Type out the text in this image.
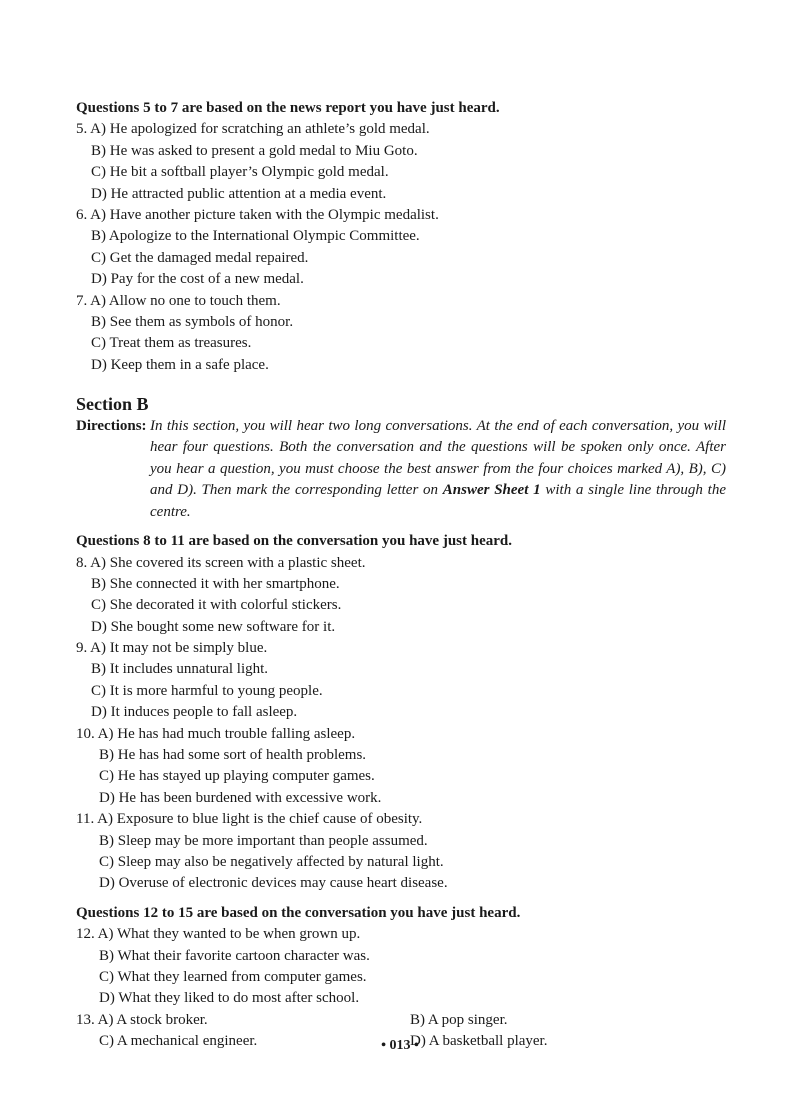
Questions 5 to 7 are based on the news report you have just heard.
5. A) He apologized for scratching an athlete’s gold medal.
B) He was asked to present a gold medal to Miu Goto.
C) He bit a softball player’s Olympic gold medal.
D) He attracted public attention at a media event.
6. A) Have another picture taken with the Olympic medalist.
B) Apologize to the International Olympic Committee.
C) Get the damaged medal repaired.
D) Pay for the cost of a new medal.
7. A) Allow no one to touch them.
B) See them as symbols of honor.
C) Treat them as treasures.
D) Keep them in a safe place.
Section B
Directions: In this section, you will hear two long conversations. At the end of each conversation, you will hear four questions. Both the conversation and the questions will be spoken only once. After you hear a question, you must choose the best answer from the four choices marked A), B), C) and D). Then mark the corresponding letter on Answer Sheet 1 with a single line through the centre.
Questions 8 to 11 are based on the conversation you have just heard.
8. A) She covered its screen with a plastic sheet.
B) She connected it with her smartphone.
C) She decorated it with colorful stickers.
D) She bought some new software for it.
9. A) It may not be simply blue.
B) It includes unnatural light.
C) It is more harmful to young people.
D) It induces people to fall asleep.
10. A) He has had much trouble falling asleep.
B) He has had some sort of health problems.
C) He has stayed up playing computer games.
D) He has been burdened with excessive work.
11. A) Exposure to blue light is the chief cause of obesity.
B) Sleep may be more important than people assumed.
C) Sleep may also be negatively affected by natural light.
D) Overuse of electronic devices may cause heart disease.
Questions 12 to 15 are based on the conversation you have just heard.
12. A) What they wanted to be when grown up.
B) What their favorite cartoon character was.
C) What they learned from computer games.
D) What they liked to do most after school.
13. A) A stock broker.	B) A pop singer.
C) A mechanical engineer.	D) A basketball player.
• 013 •
